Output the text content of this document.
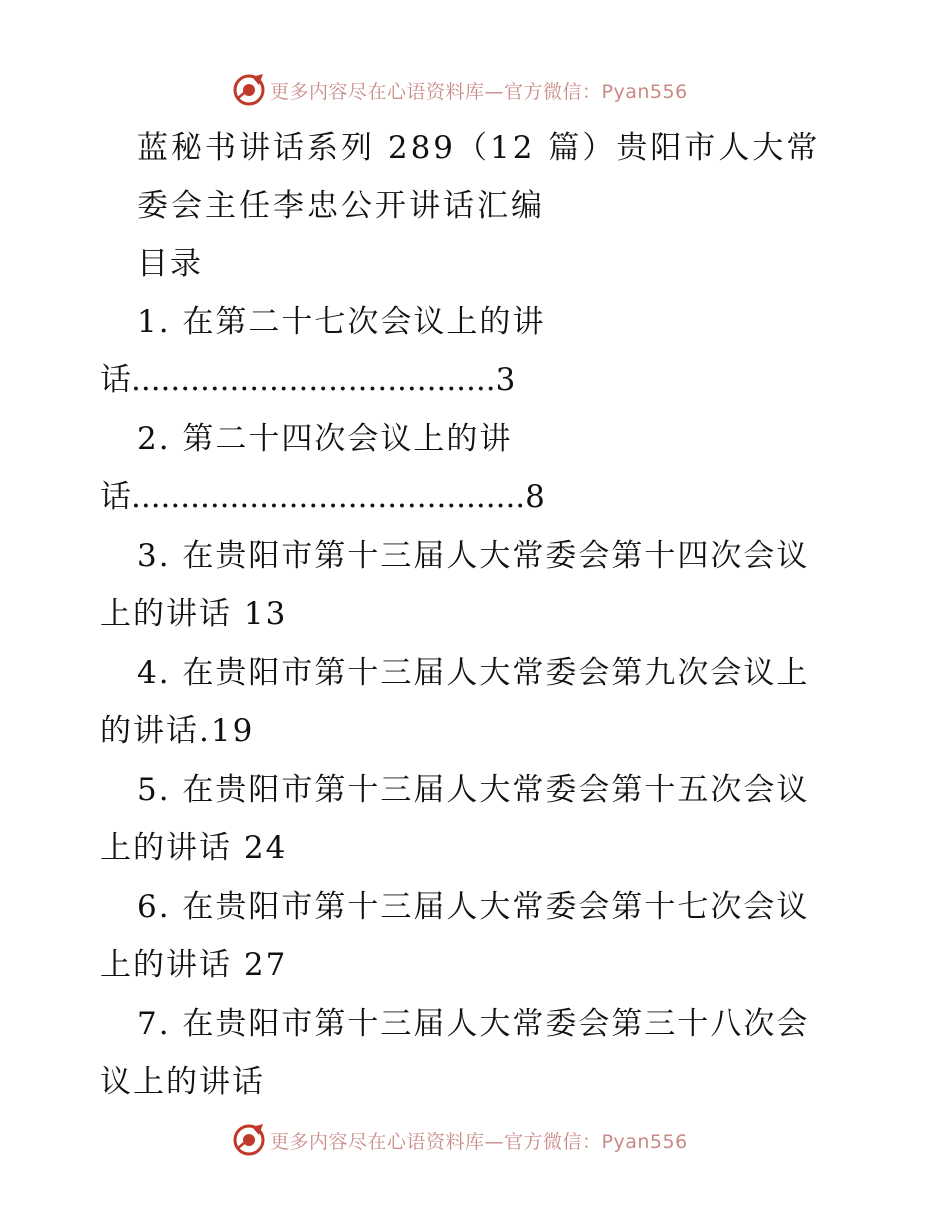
更多内容尽在心语资料库—官方微信：Pyan556
蓝秘书讲话系列 289（12 篇）贵阳市人大常
委会主任李忠公开讲话汇编
目录
1. 在第二十七次会议上的讲
话.....................................3
2. 第二十四次会议上的讲
话........................................8
3. 在贵阳市第十三届人大常委会第十四次会议
上的讲话 13
4. 在贵阳市第十三届人大常委会第九次会议上
的讲话.19
5. 在贵阳市第十三届人大常委会第十五次会议
上的讲话 24
6. 在贵阳市第十三届人大常委会第十七次会议
上的讲话 27
7. 在贵阳市第十三届人大常委会第三十八次会
议上的讲话
更多内容尽在心语资料库—官方微信：Pyan556
